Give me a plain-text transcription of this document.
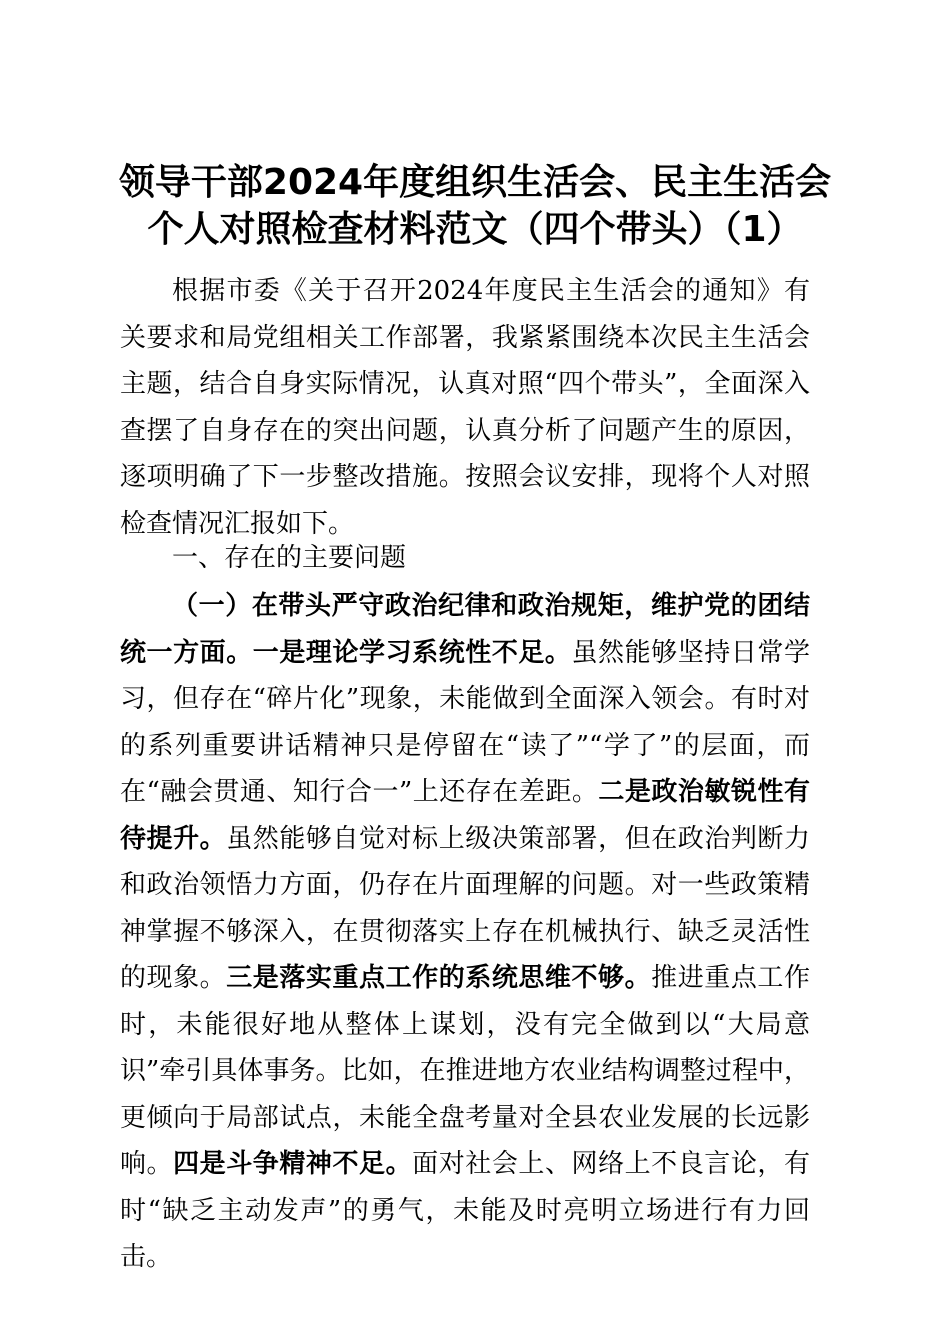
领导干部2024年度组织生活会、民主生活会
个人对照检查材料范文（四个带头）（1）

根据市委《关于召开2024年度民主生活会的通知》有关要求和局党组相关工作部署，我紧紧围绕本次民主生活会主题，结合自身实际情况，认真对照“四个带头”，全面深入查摆了自身存在的突出问题，认真分析了问题产生的原因，逐项明确了下一步整改措施。按照会议安排，现将个人对照检查情况汇报如下。

一、存在的主要问题

（一）在带头严守政治纪律和政治规矩，维护党的团结统一方面。一是理论学习系统性不足。虽然能够坚持日常学习，但存在“碎片化”现象，未能做到全面深入领会。有时对的系列重要讲话精神只是停留在“读了”“学了”的层面，而在“融会贯通、知行合一”上还存在差距。二是政治敏锐性有待提升。虽然能够自觉对标上级决策部署，但在政治判断力和政治领悟力方面，仍存在片面理解的问题。对一些政策精神掌握不够深入，在贯彻落实上存在机械执行、缺乏灵活性的现象。三是落实重点工作的系统思维不够。推进重点工作时，未能很好地从整体上谋划，没有完全做到以“大局意识”牵引具体事务。比如，在推进地方农业结构调整过程中，更倾向于局部试点，未能全盘考量对全县农业发展的长远影响。四是斗争精神不足。面对社会上、网络上不良言论，有时“缺乏主动发声”的勇气，未能及时亮明立场进行有力回击。
